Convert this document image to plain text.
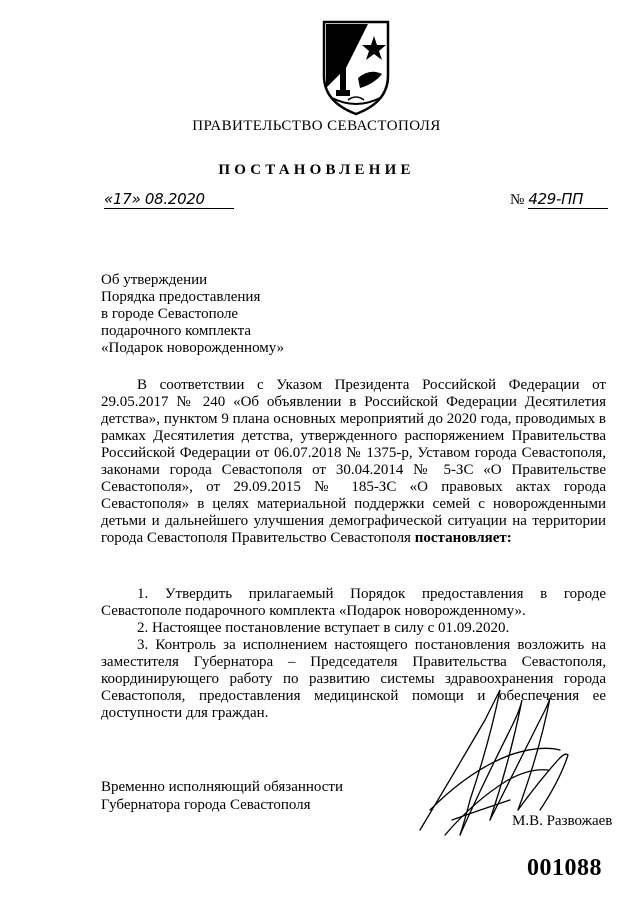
ПРАВИТЕЛЬСТВО СЕВАСТОПОЛЯ
ПОСТАНОВЛЕНИЕ
«17» 08.2020	№ 429-ПП
Об утверждении
Порядка предоставления
в городе Севастополе
подарочного комплекта
«Подарок новорожденному»
В соответствии с Указом Президента Российской Федерации от 29.05.2017 № 240 «Об объявлении в Российской Федерации Десятилетия детства», пунктом 9 плана основных мероприятий до 2020 года, проводимых в рамках Десятилетия детства, утвержденного распоряжением Правительства Российской Федерации от 06.07.2018 № 1375-р, Уставом города Севастополя, законами города Севастополя от 30.04.2014 № 5-ЗС «О Правительстве Севастополя», от 29.09.2015 № 185-ЗС «О правовых актах города Севастополя» в целях материальной поддержки семей с новорожденными детьми и дальнейшего улучшения демографической ситуации на территории города Севастополя Правительство Севастополя постановляет:
1. Утвердить прилагаемый Порядок предоставления в городе Севастополе подарочного комплекта «Подарок новорожденному».
2. Настоящее постановление вступает в силу с 01.09.2020.
3. Контроль за исполнением настоящего постановления возложить на заместителя Губернатора – Председателя Правительства Севастополя, координирующего работу по развитию системы здравоохранения города Севастополя, предоставления медицинской помощи и обеспечения ее доступности для граждан.
Временно исполняющий обязанности
Губернатора города Севастополя
М.В. Развожаев
001088
